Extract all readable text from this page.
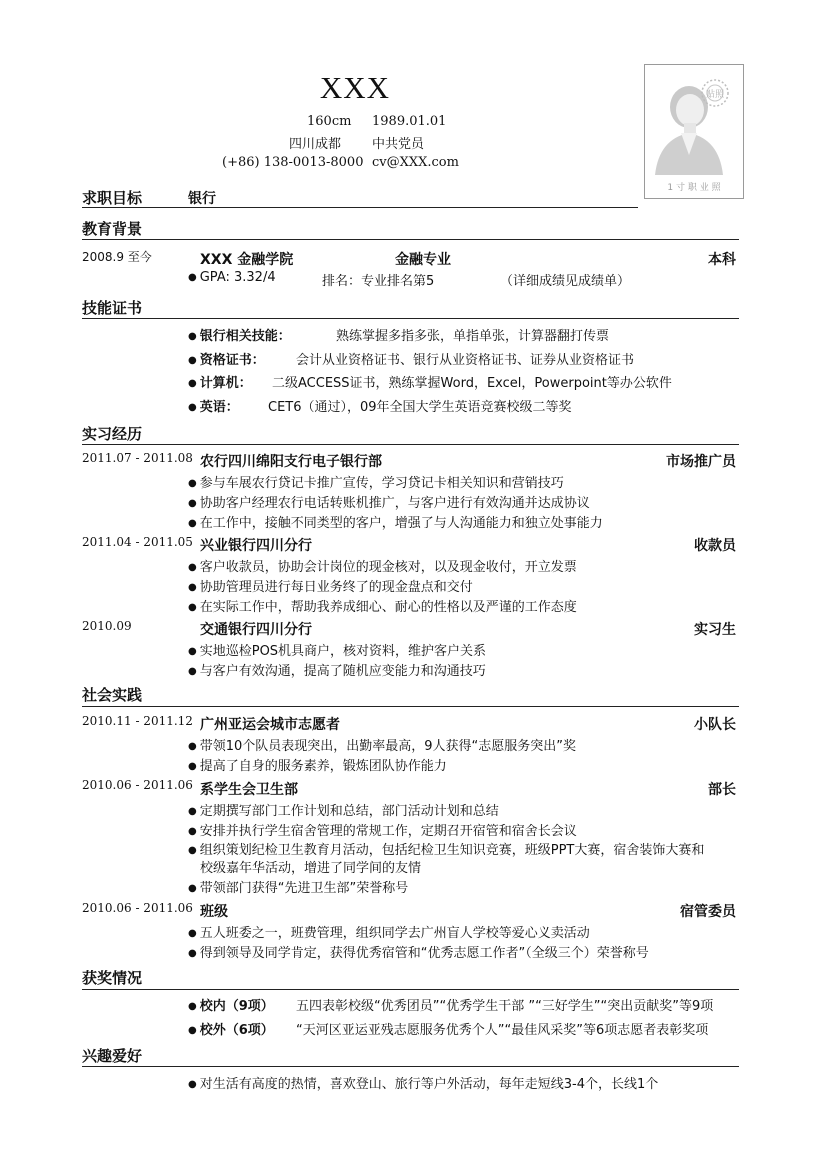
XXX
160cm 1989.01.01
四川成都 中共党员
(+86) 138-0013-8000 cv@XXX.com
贴照
1 寸 职 业 照
求职目标	银行
教育背景
2008.9 至今	XXX 金融学院	金融专业	本科
● GPA: 3.32/4	排名：专业排名第5	（详细成绩见成绩单）
技能证书
● 银行相关技能：	熟练掌握多指多张，单指单张，计算器翻打传票
● 资格证书： 会计从业资格证书、银行从业资格证书、证券从业资格证书
● 计算机： 二级ACCESS证书，熟练掌握Word，Excel，Powerpoint等办公软件
● 英语： CET6（通过），09年全国大学生英语竞赛校级二等奖
实习经历
2011.07 - 2011.08 农行四川绵阳支行电子银行部	市场推广员
● 参与车展农行贷记卡推广宣传，学习贷记卡相关知识和营销技巧
● 协助客户经理农行电话转账机推广，与客户进行有效沟通并达成协议
● 在工作中，接触不同类型的客户，增强了与人沟通能力和独立处事能力
2011.04 - 2011.05 兴业银行四川分行	收款员
● 客户收款员，协助会计岗位的现金核对，以及现金收付，开立发票
● 协助管理员进行每日业务终了的现金盘点和交付
● 在实际工作中，帮助我养成细心、耐心的性格以及严谨的工作态度
2010.09	交通银行四川分行	实习生
● 实地巡检POS机具商户，核对资料，维护客户关系
● 与客户有效沟通，提高了随机应变能力和沟通技巧
社会实践
2010.11 - 2011.12 广州亚运会城市志愿者	小队长
● 带领10个队员表现突出，出勤率最高，9人获得“志愿服务突出”奖
● 提高了自身的服务素养，锻炼团队协作能力
2010.06 - 2011.06 系学生会卫生部	部长
● 定期撰写部门工作计划和总结，部门活动计划和总结
● 安排并执行学生宿舍管理的常规工作，定期召开宿管和宿舍长会议
● 组织策划纪检卫生教育月活动，包括纪检卫生知识竞赛，班级PPT大赛，宿舍装饰大赛和
校级嘉年华活动，增进了同学间的友情
● 带领部门获得“先进卫生部”荣誉称号
2010.06 - 2011.06 班级	宿管委员
● 五人班委之一，班费管理，组织同学去广州盲人学校等爱心义卖活动
● 得到领导及同学肯定，获得优秀宿管和“优秀志愿工作者”（全级三个）荣誉称号
获奖情况
● 校内（9项） 五四表彰校级“优秀团员”“优秀学生干部 ”“三好学生”“突出贡献奖”等9项
● 校外（6项） “天河区亚运亚残志愿服务优秀个人”“最佳风采奖”等6项志愿者表彰奖项
兴趣爱好
● 对生活有高度的热情，喜欢登山、旅行等户外活动，每年走短线3-4个，长线1个
